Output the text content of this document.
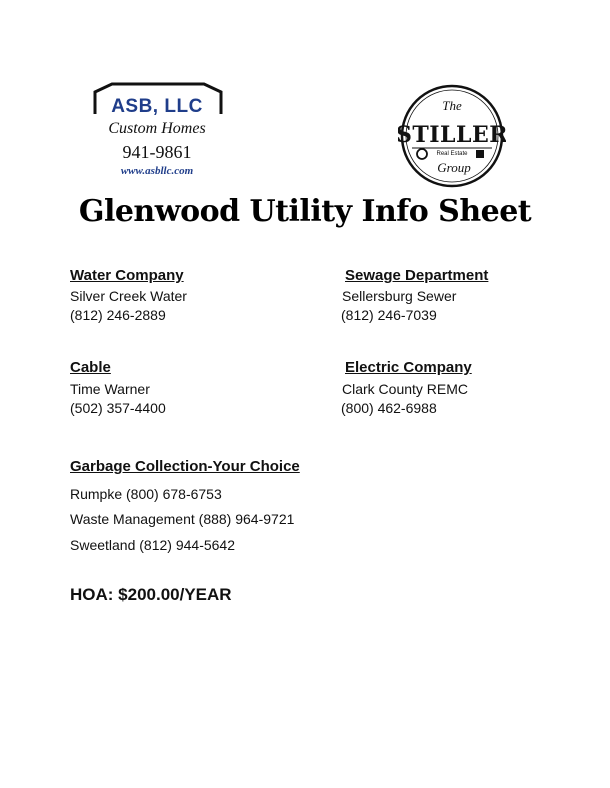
ASB, LLC
Custom Homes
941-9861
www.asbllc.com
The
STILLER
Real Estate
Group
Glenwood Utility Info Sheet
Water Company
Silver Creek Water
(812) 246-2889
Sewage Department
Sellersburg Sewer
(812) 246-7039
Cable
Time Warner
(502) 357-4400
Electric Company
Clark County REMC
(800) 462-6988
Garbage Collection-Your Choice
Rumpke (800) 678-6753
Waste Management (888) 964-9721
Sweetland (812) 944-5642
HOA: $200.00/YEAR
